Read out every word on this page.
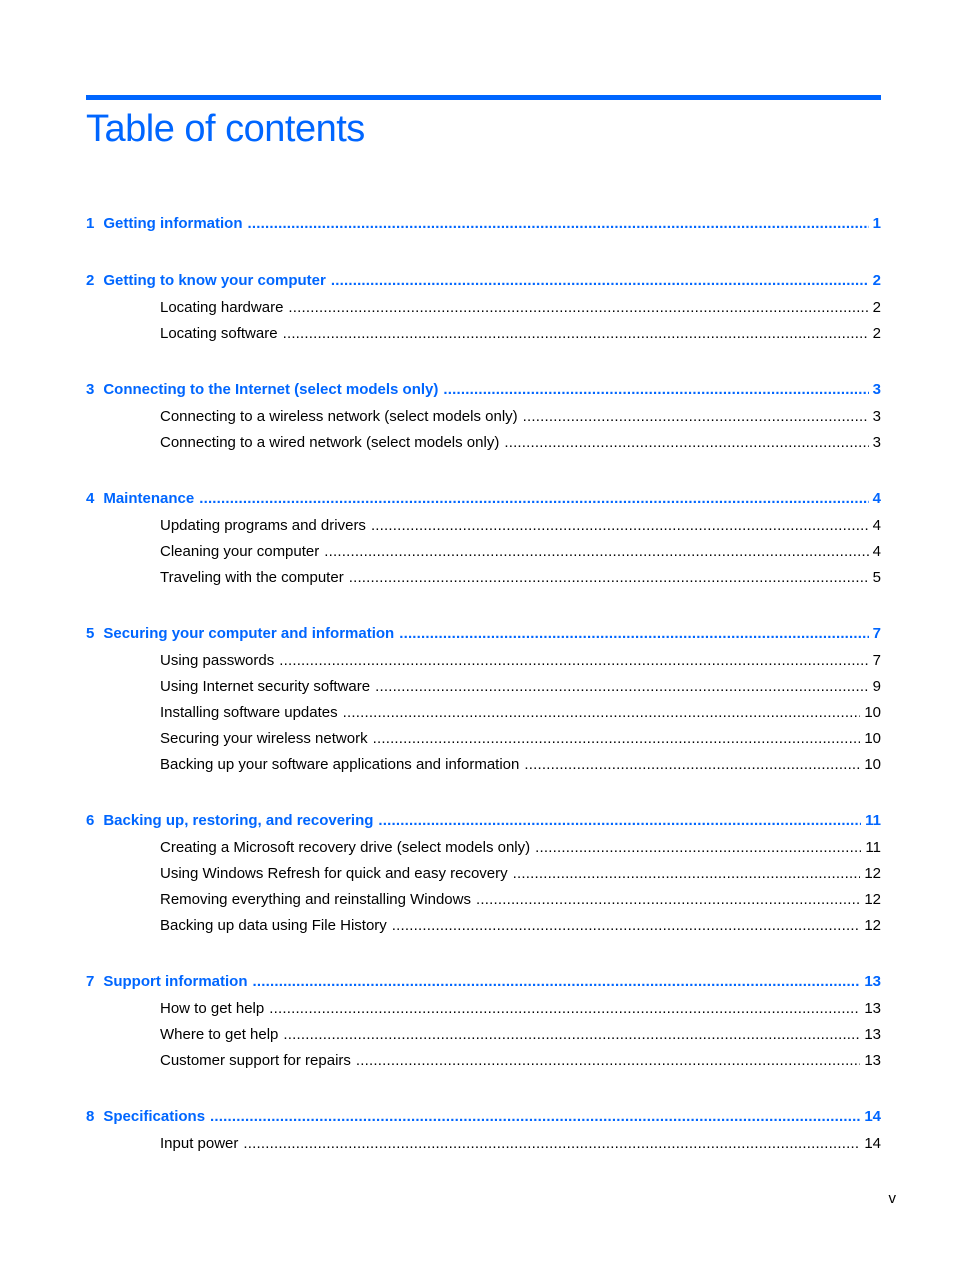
Table of contents
1 Getting information .....	1
2 Getting to know your computer .....	2
Locating hardware .....	2
Locating software .....	2
3 Connecting to the Internet (select models only) .....	3
Connecting to a wireless network (select models only) .....	3
Connecting to a wired network (select models only) .....	3
4 Maintenance .....	4
Updating programs and drivers .....	4
Cleaning your computer .....	4
Traveling with the computer .....	5
5 Securing your computer and information .....	7
Using passwords .....	7
Using Internet security software .....	9
Installing software updates .....	10
Securing your wireless network .....	10
Backing up your software applications and information .....	10
6 Backing up, restoring, and recovering .....	11
Creating a Microsoft recovery drive (select models only) .....	11
Using Windows Refresh for quick and easy recovery .....	12
Removing everything and reinstalling Windows .....	12
Backing up data using File History .....	12
7 Support information .....	13
How to get help .....	13
Where to get help .....	13
Customer support for repairs .....	13
8 Specifications .....	14
Input power .....	14
v
